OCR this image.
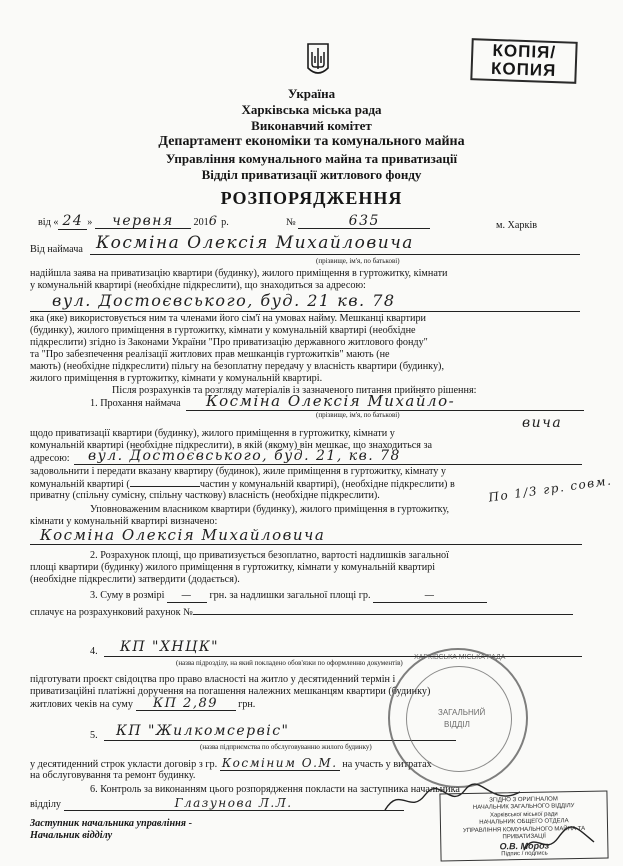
КОПІЯ/
КОПИЯ
Україна
Харківська міська рада
Виконавчий комітет
Департамент економіки та комунального майна
Управління комунального майна та приватизації
Відділ приватизації житлового фонду
РОЗПОРЯДЖЕННЯ
від « 24 » червня 2016 р.	№	635	м. Харків
Від наймача Косміна Олексія Михайловича
(прізвище, ім'я, по батькові)
надійшла заява на приватизацію квартири (будинку), жилого приміщення в гуртожитку, кімнати
у комунальній квартирі (необхідне підкреслити), що знаходиться за адресою:
вул. Достоєвського, буд. 21 кв. 78
яка (яке) використовується ним та членами його сім'ї на умовах найму. Мешканці квартири
(будинку), жилого приміщення в гуртожитку, кімнати у комунальній квартирі (необхідне
підкреслити) згідно із Законами України "Про приватизацію державного житлового фонду"
та "Про забезпечення реалізації житлових прав мешканців гуртожитків" мають (не
мають) (необхідне підкреслити) пільгу на безоплатну передачу у власність квартири (будинку),
жилого приміщення в гуртожитку, кімнати у комунальній квартирі.
Після розрахунків та розгляду матеріалів із зазначеного питання прийнято рішення:
1. Прохання наймача	Косміна Олексія Михайло-
(прізвище, ім'я, по батькові)	вича
щодо приватизації квартири (будинку), жилого приміщення в гуртожитку, кімнати у
комунальній квартирі (необхідне підкреслити), в якій (якому) він мешкає, що знаходиться за
адресою:	вул. Достоєвського, буд. 21, кв. 78
задовольнити і передати вказану квартиру (будинок), жиле приміщення в гуртожитку, кімнату у
комунальній квартирі (	частин у комунальній квартирі), (необхідне підкреслити) в
приватну (спільну сумісну, спільну часткову) власність (необхідне підкреслити).	По 1/3 гр. совм.
Уповноваженим власником квартири (будинку), жилого приміщення в гуртожитку,
кімнати у комунальній квартирі визначено:
Косміна Олексія Михайловича
2. Розрахунок площі, що приватизується безоплатно, вартості надлишків загальної
площі квартири (будинку) жилого приміщення в гуртожитку, кімнати у комунальній квартирі
(необхідне підкреслити) затвердити (додається).
3. Суму в розмірі — грн. за надлишки загальної площі гр.	—
сплачує на розрахунковий рахунок №
4.	КП "ХНЦК"
(назва підрозділу, на який покладено обов'язки по оформленню документів)
підготувати проєкт свідоцтва про право власності на житло у десятиденний термін і
приватизаційні платіжні доручення на погашення належних мешканцям квартири (будинку)
житлових чеків на суму КП 2,89 грн.
5.	КП "Жилкомсервіс"
(назва підприємства по обслуговуванню жилого будинку)
у десятиденний строк укласти договір з гр. Косміним О.М. на участь у витратах
на обслуговування та ремонт будинку.
6. Контроль за виконанням цього розпорядження покласти на заступника начальника
відділу	Глазунова Л.Л.
Заступник начальника управління -
Начальник відділу
ХАРКІВСЬКА МІСЬКА РАДА
ЗАГАЛЬНИЙ
ВІДДІЛ
ЗГІДНО З ОРИГІНАЛОМ
НАЧАЛЬНИК ЗАГАЛЬНОГО ВІДДІЛУ
Харківської міської ради
НАЧАЛЬНИК ОБЩЕГО ОТДЕЛА
УПРАВЛІННЯ КОМУНАЛЬНОГО МАЙНА ТА ПРИВАТИЗАЦІЇ
О.В. Мороз
Підпис / подпись
